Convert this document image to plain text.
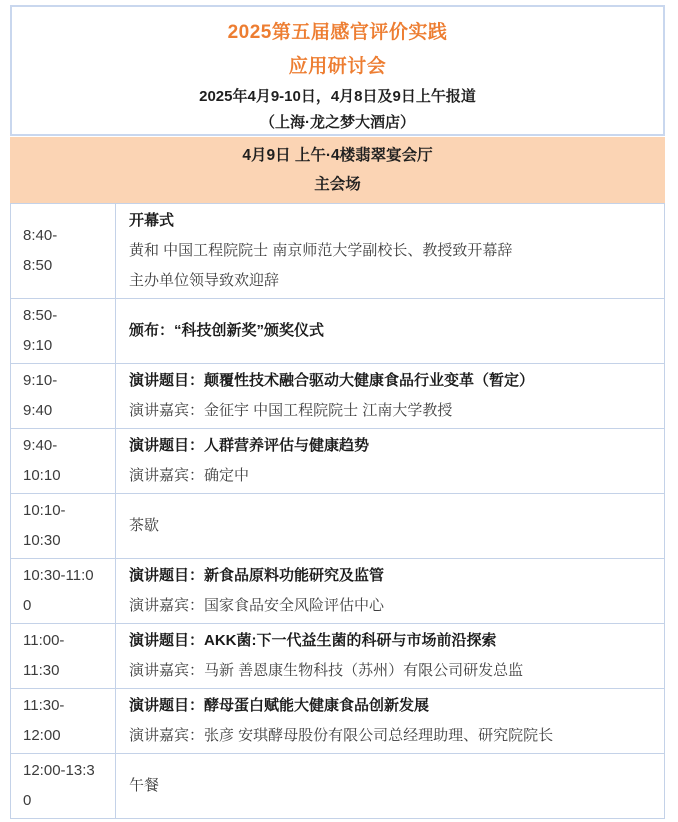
2025第五届感官评价实践
应用研讨会
2025年4月9-10日，4月8日及9日上午报道
（上海·龙之梦大酒店）
4月9日 上午·4楼翡翠宴会厅
主会场
8:40-
8:50
开幕式
黄和 中国工程院院士 南京师范大学副校长、教授致开幕辞
主办单位领导致欢迎辞
8:50-
9:10
颁布：“科技创新奖”颁奖仪式
9:10-
9:40
演讲题目：颠覆性技术融合驱动大健康食品行业变革（暂定）
演讲嘉宾：金征宇 中国工程院院士 江南大学教授
9:40-
10:10
演讲题目：人群营养评估与健康趋势
演讲嘉宾：确定中
10:10-
10:30
茶歇
10:30-11:0
0
演讲题目：新食品原料功能研究及监管
演讲嘉宾：国家食品安全风险评估中心
11:00-
11:30
演讲题目：AKK菌:下一代益生菌的科研与市场前沿探索
演讲嘉宾：马新 善恩康生物科技（苏州）有限公司研发总监
11:30-
12:00
演讲题目：酵母蛋白赋能大健康食品创新发展
演讲嘉宾：张彦 安琪酵母股份有限公司总经理助理、研究院院长
12:00-13:3
0
午餐
